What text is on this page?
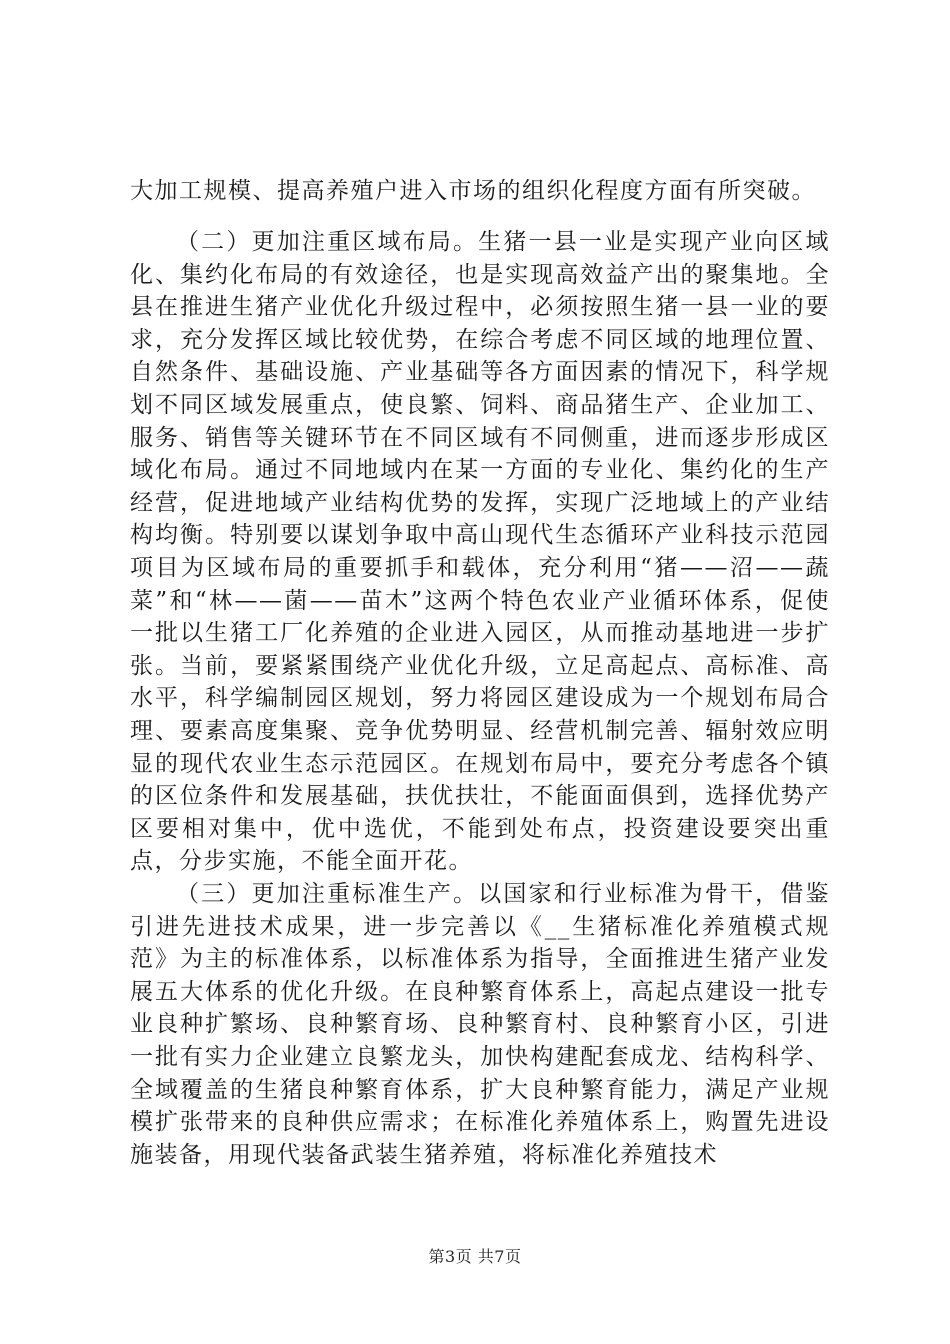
大加工规模、提高养殖户进入市场的组织化程度方面有所突破。

（二）更加注重区域布局。生猪一县一业是实现产业向区域化、集约化布局的有效途径，也是实现高效益产出的聚集地。全县在推进生猪产业优化升级过程中，必须按照生猪一县一业的要求，充分发挥区域比较优势，在综合考虑不同区域的地理位置、自然条件、基础设施、产业基础等各方面因素的情况下，科学规划不同区域发展重点，使良繁、饲料、商品猪生产、企业加工、服务、销售等关键环节在不同区域有不同侧重，进而逐步形成区域化布局。通过不同地域内在某一方面的专业化、集约化的生产经营，促进地域产业结构优势的发挥，实现广泛地域上的产业结构均衡。特别要以谋划争取中高山现代生态循环产业科技示范园项目为区域布局的重要抓手和载体，充分利用“猪——沼——蔬菜”和“林——菌——苗木”这两个特色农业产业循环体系，促使一批以生猪工厂化养殖的企业进入园区，从而推动基地进一步扩张。当前，要紧紧围绕产业优化升级，立足高起点、高标准、高水平，科学编制园区规划，努力将园区建设成为一个规划布局合理、要素高度集聚、竞争优势明显、经营机制完善、辐射效应明显的现代农业生态示范园区。在规划布局中，要充分考虑各个镇的区位条件和发展基础，扶优扶壮，不能面面俱到，选择优势产区要相对集中，优中选优，不能到处布点，投资建设要突出重点，分步实施，不能全面开花。

（三）更加注重标准生产。以国家和行业标准为骨干，借鉴引进先进技术成果，进一步完善以《__生猪标准化养殖模式规范》为主的标准体系，以标准体系为指导，全面推进生猪产业发展五大体系的优化升级。在良种繁育体系上，高起点建设一批专业良种扩繁场、良种繁育场、良种繁育村、良种繁育小区，引进一批有实力企业建立良繁龙头，加快构建配套成龙、结构科学、全域覆盖的生猪良种繁育体系，扩大良种繁育能力，满足产业规模扩张带来的良种供应需求；在标准化养殖体系上，购置先进设施装备，用现代装备武装生猪养殖，将标准化养殖技术

第3页 共7页
